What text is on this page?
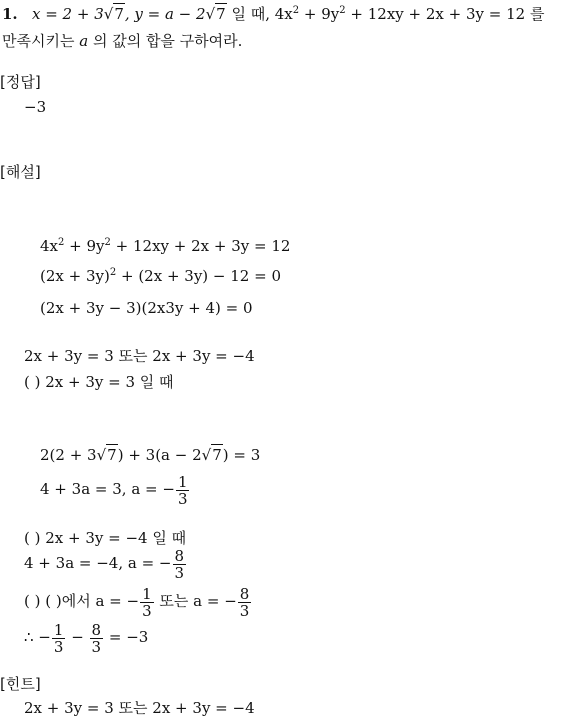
1. x = 2 + 3√7, y = a − 2√7 일 때, $4x^2 + 9y^2 + 12xy + 2x + 3y = 12$ 를
만족시키는 a 의 값의 합을 구하여라.
[정답]
−3
[해설]
$4x^2 + 9y^2 + 12xy + 2x + 3y = 12$
$(2x + 3y)^2 + (2x + 3y) - 12 = 0$
(2x + 3y − 3)(2x3y + 4) = 0
2x + 3y = 3 또는 2x + 3y = −4
( ) 2x + 3y = 3 일 때
2(2 + 3√7) + 3(a − 2√7) = 3
4 + 3a = 3, a = − $\frac{1}{3}$
( ) 2x + 3y = −4 일 때
4 + 3a = −4, a = − $\frac{8}{3}$
( ) ( )에서 a = − $\frac{1}{3}$ 또는 a = − $\frac{8}{3}$
∴ − $\frac{1}{3} - \frac{8}{3} = -3$
[힌트]
2x + 3y = 3 또는 2x + 3y = −4
